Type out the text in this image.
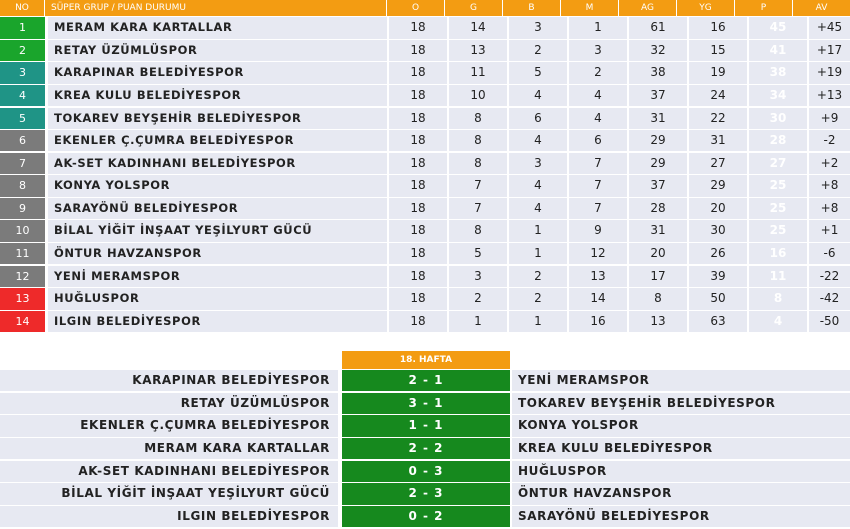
NO	SÜPER GRUP / PUAN DURUMU	O	G	B	M	AG	YG	P	AV
1	MERAM KARA KARTALLAR	18	14	3	1	61	16	45	+45
2	RETAY ÜZÜMLÜSPOR	18	13	2	3	32	15	41	+17
3	KARAPINAR BELEDİYESPOR	18	11	5	2	38	19	38	+19
4	KREA KULU BELEDİYESPOR	18	10	4	4	37	24	34	+13
5	TOKAREV BEYŞEHİR BELEDİYESPOR	18	8	6	4	31	22	30	+9
6	EKENLER Ç.ÇUMRA BELEDİYESPOR	18	8	4	6	29	31	28	-2
7	AK-SET KADINHANI BELEDİYESPOR	18	8	3	7	29	27	27	+2
8	KONYA YOLSPOR	18	7	4	7	37	29	25	+8
9	SARAYÖNÜ BELEDİYESPOR	18	7	4	7	28	20	25	+8
10	BİLAL YİĞİT İNŞAAT YEŞİLYURT GÜCÜ	18	8	1	9	31	30	25	+1
11	ÖNTUR HAVZANSPOR	18	5	1	12	20	26	16	-6
12	YENİ MERAMSPOR	18	3	2	13	17	39	11	-22
13	HUĞLUSPOR	18	2	2	14	8	50	8	-42
14	ILGIN BELEDİYESPOR	18	1	1	16	13	63	4	-50
18. HAFTA
KARAPINAR BELEDİYESPOR	2 - 1	YENİ MERAMSPOR
RETAY ÜZÜMLÜSPOR	3 - 1	TOKAREV BEYŞEHİR BELEDİYESPOR
EKENLER Ç.ÇUMRA BELEDİYESPOR	1 - 1	KONYA YOLSPOR
MERAM KARA KARTALLAR	2 - 2	KREA KULU BELEDİYESPOR
AK-SET KADINHANI BELEDİYESPOR	0 - 3	HUĞLUSPOR
BİLAL YİĞİT İNŞAAT YEŞİLYURT GÜCÜ	2 - 3	ÖNTUR HAVZANSPOR
ILGIN BELEDİYESPOR	0 - 2	SARAYÖNÜ BELEDİYESPOR
